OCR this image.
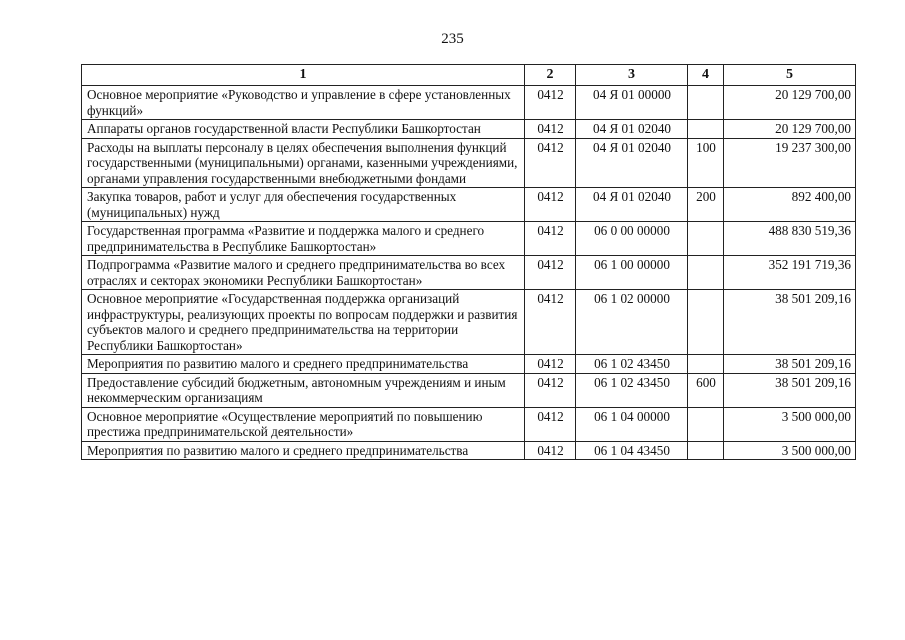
235
1	2	3	4	5
Основное мероприятие «Руководство и управление в сфере установленных функций»	0412	04 Я 01 00000		20 129 700,00
Аппараты органов государственной власти Республики Башкортостан	0412	04 Я 01 02040		20 129 700,00
Расходы на выплаты персоналу в целях обеспечения выполнения функций государственными (муниципальными) органами, казенными учреждениями, органами управления государственными внебюджетными фондами	0412	04 Я 01 02040	100	19 237 300,00
Закупка товаров, работ и услуг для обеспечения государственных (муниципальных) нужд	0412	04 Я 01 02040	200	892 400,00
Государственная программа «Развитие и поддержка малого и среднего предпринимательства в Республике Башкортостан»	0412	06 0 00 00000		488 830 519,36
Подпрограмма «Развитие малого и среднего предпринимательства во всех отраслях и секторах экономики Республики Башкортостан»	0412	06 1 00 00000		352 191 719,36
Основное мероприятие «Государственная поддержка организаций инфраструктуры, реализующих проекты по вопросам поддержки и развития субъектов малого и среднего предпринимательства на территории Республики Башкортостан»	0412	06 1 02 00000		38 501 209,16
Мероприятия по развитию малого и среднего предпринимательства	0412	06 1 02 43450		38 501 209,16
Предоставление субсидий бюджетным, автономным учреждениям и иным некоммерческим организациям	0412	06 1 02 43450	600	38 501 209,16
Основное мероприятие «Осуществление мероприятий по повышению престижа предпринимательской деятельности»	0412	06 1 04 00000		3 500 000,00
Мероприятия по развитию малого и среднего предпринимательства	0412	06 1 04 43450		3 500 000,00
